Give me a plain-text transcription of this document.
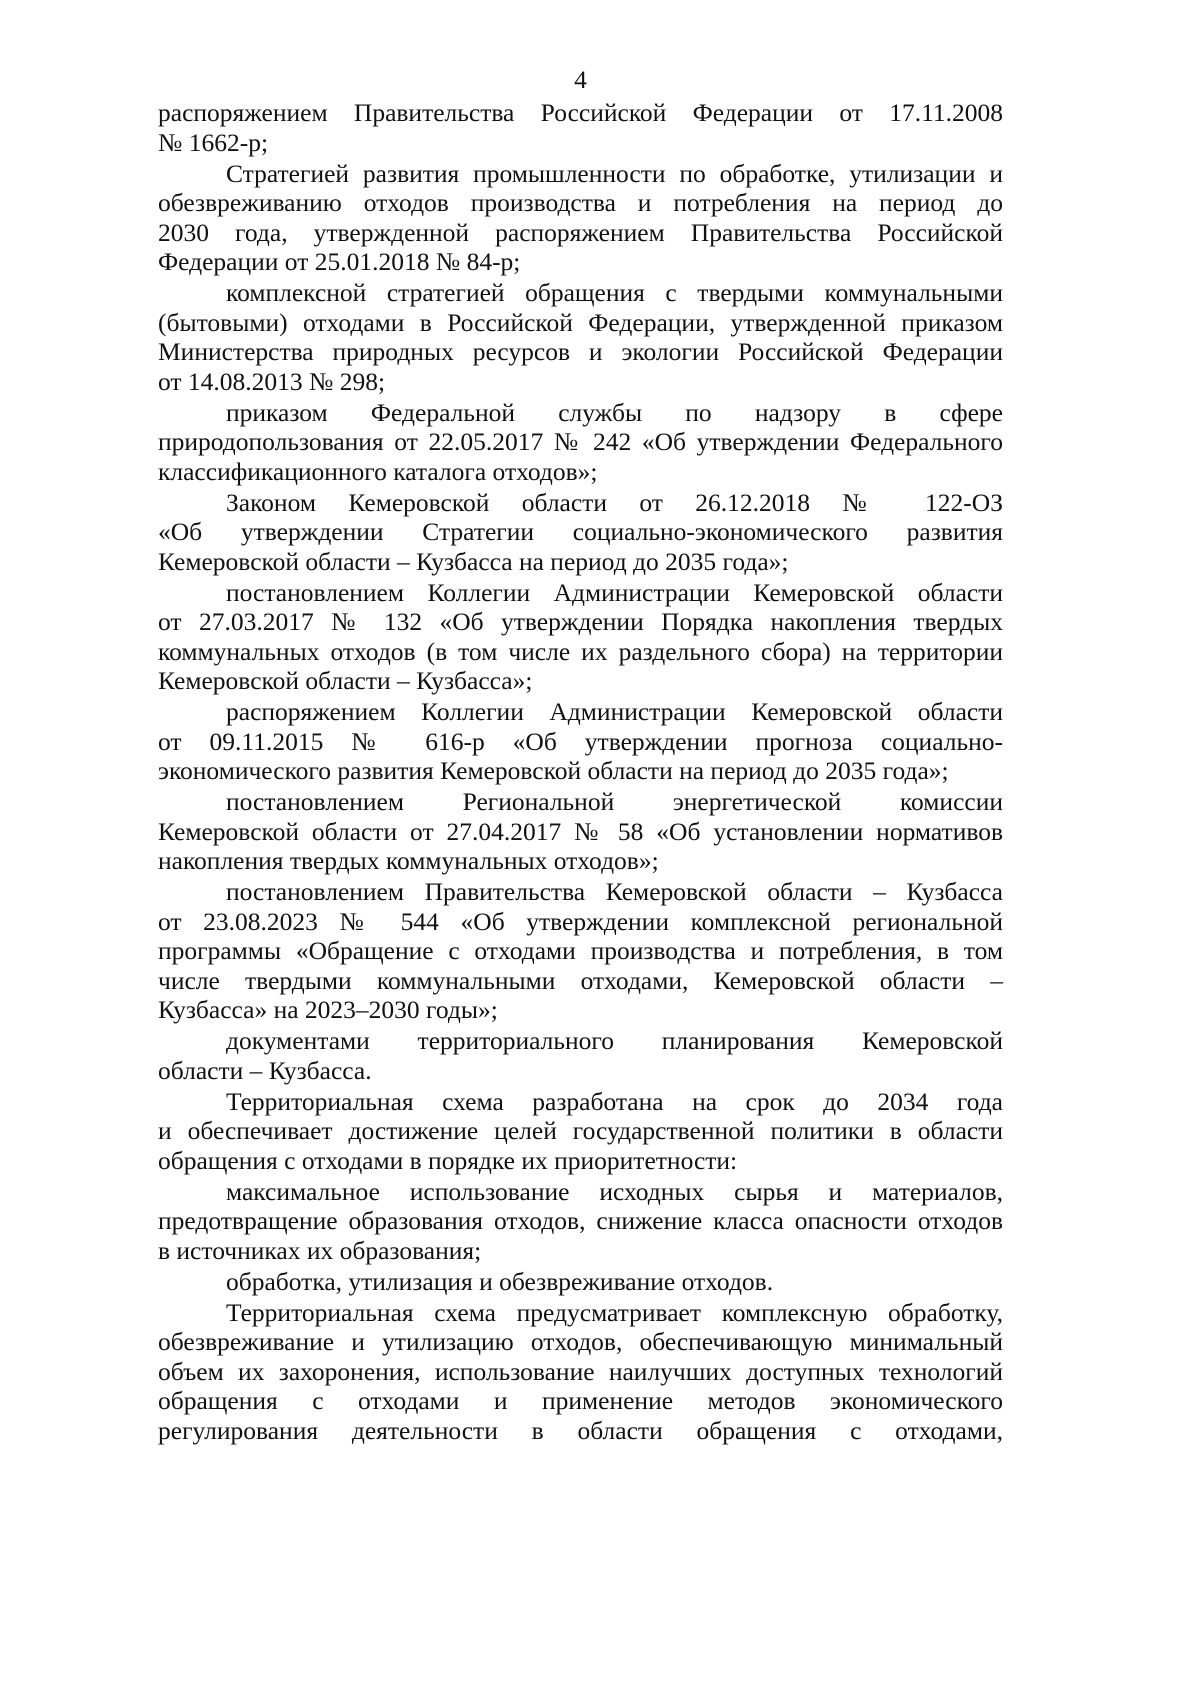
4
распоряжением Правительства Российской Федерации от 17.11.2008
№ 1662-р;
Стратегией развития промышленности по обработке, утилизации и
обезвреживанию отходов производства и потребления на период до
2030 года, утвержденной распоряжением Правительства Российской
Федерации от 25.01.2018 № 84-р;
комплексной стратегией обращения с твердыми коммунальными
(бытовыми) отходами в Российской Федерации, утвержденной приказом
Министерства природных ресурсов и экологии Российской Федерации
от 14.08.2013 № 298;
приказом Федеральной службы по надзору в сфере
природопользования от 22.05.2017 № 242 «Об утверждении Федерального
классификационного каталога отходов»;
Законом Кемеровской области от 26.12.2018 № 122-ОЗ
«Об утверждении Стратегии социально-экономического развития
Кемеровской области – Кузбасса на период до 2035 года»;
постановлением Коллегии Администрации Кемеровской области
от 27.03.2017 № 132 «Об утверждении Порядка накопления твердых
коммунальных отходов (в том числе их раздельного сбора) на территории
Кемеровской области – Кузбасса»;
распоряжением Коллегии Администрации Кемеровской области
от 09.11.2015 № 616-р «Об утверждении прогноза социально-
экономического развития Кемеровской области на период до 2035 года»;
постановлением Региональной энергетической комиссии
Кемеровской области от 27.04.2017 № 58 «Об установлении нормативов
накопления твердых коммунальных отходов»;
постановлением Правительства Кемеровской области – Кузбасса
от 23.08.2023 № 544 «Об утверждении комплексной региональной
программы «Обращение с отходами производства и потребления, в том
числе твердыми коммунальными отходами, Кемеровской области –
Кузбасса» на 2023–2030 годы»;
документами территориального планирования Кемеровской
области – Кузбасса.
Территориальная схема разработана на срок до 2034 года
и обеспечивает достижение целей государственной политики в области
обращения с отходами в порядке их приоритетности:
максимальное использование исходных сырья и материалов,
предотвращение образования отходов, снижение класса опасности отходов
в источниках их образования;
обработка, утилизация и обезвреживание отходов.
Территориальная схема предусматривает комплексную обработку,
обезвреживание и утилизацию отходов, обеспечивающую минимальный
объем их захоронения, использование наилучших доступных технологий
обращения с отходами и применение методов экономического
регулирования деятельности в области обращения с отходами,
